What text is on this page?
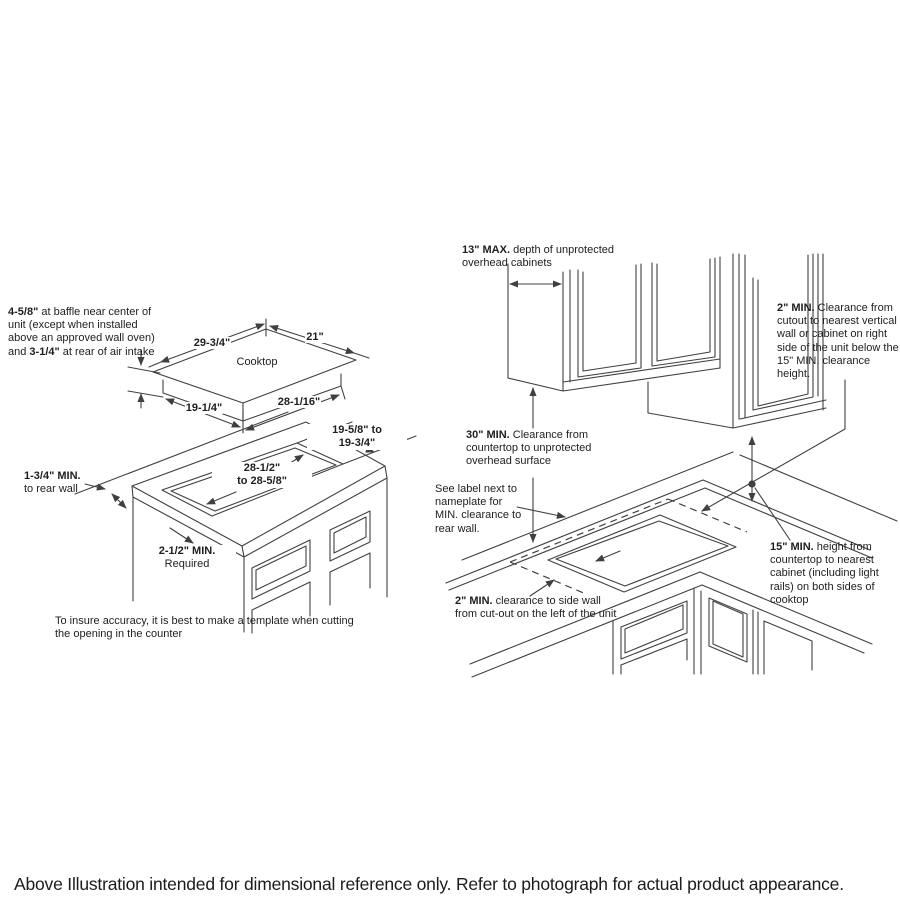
4-5/8" at baffle near center of unit (except when installed above an approved wall oven) and 3-1/4" at rear of air intake
29-3/4"	21"
Cooktop
19-1/4"	28-1/16"
1-3/4" MIN.
to rear wall
19-5/8" to
19-3/4"
28-1/2"
to 28-5/8"
2-1/2" MIN.
Required
To insure accuracy, it is best to make a template when cutting the opening in the counter
13" MAX. depth of unprotected overhead cabinets
2" MIN. Clearance from cutout to nearest vertical wall or cabinet on right side of the unit below the 15" MIN. clearance height.
30" MIN. Clearance from countertop to unprotected overhead surface
See label next to nameplate for MIN. clearance to rear wall.
2" MIN. clearance to side wall from cut-out on the left of the unit
15" MIN. height from countertop to nearest cabinet (including light rails) on both sides of cooktop
Above Illustration intended for dimensional reference only. Refer to photograph for actual product appearance.
